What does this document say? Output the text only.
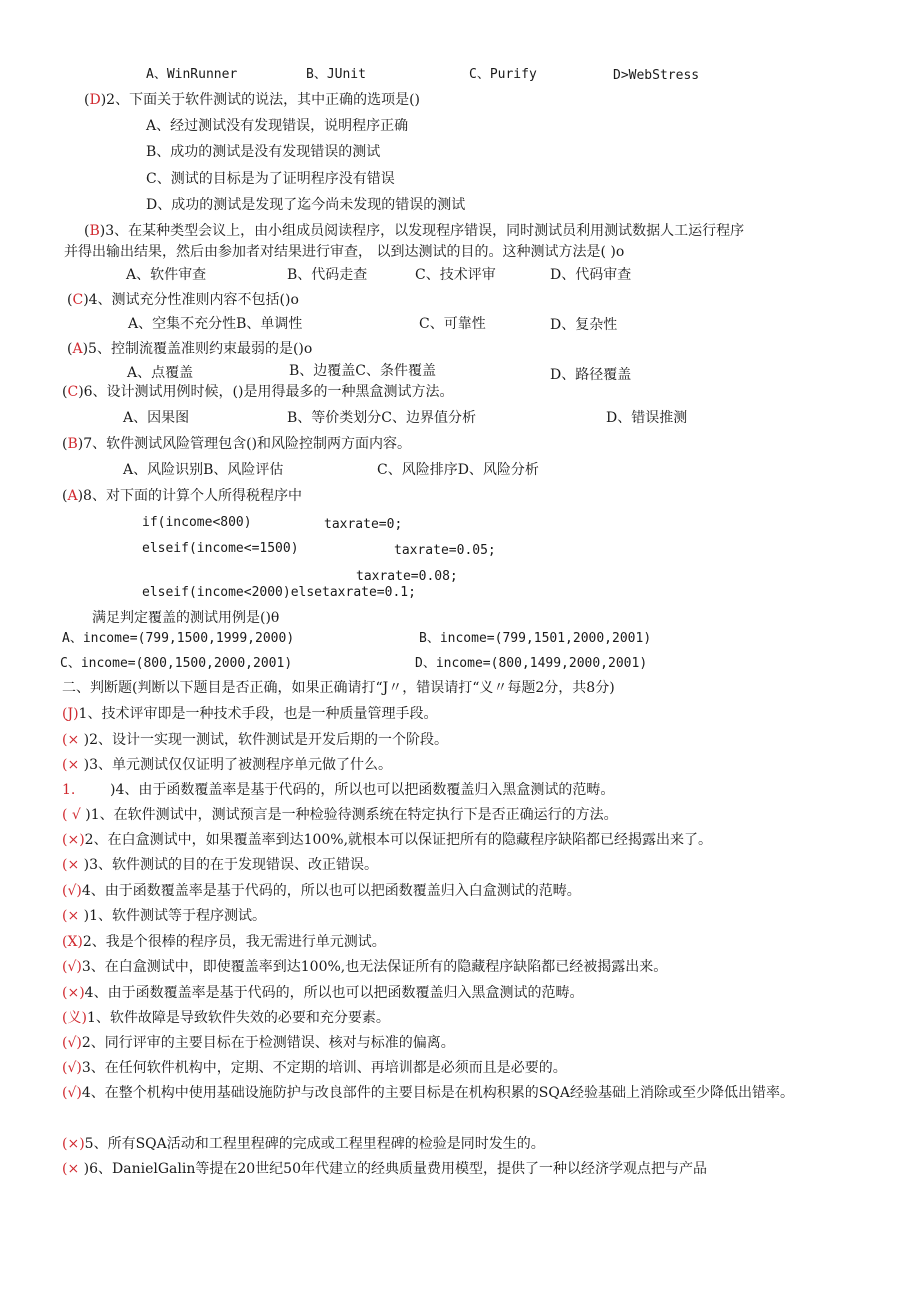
A、WinRunner	B、JUnit	C、Purify	D>WebStress
(D)2、下面关于软件测试的说法，其中正确的选项是()
A、经过测试没有发现错误，说明程序正确
B、成功的测试是没有发现错误的测试
C、测试的目标是为了证明程序没有错误
D、成功的测试是发现了迄今尚未发现的错误的测试
(B)3、在某种类型会议上，由小组成员阅读程序，以发现程序错误，同时测试员利用测试数据人工运行程序
并得出输出结果，然后由参加者对结果进行审查， 以到达测试的目的。这种测试方法是( )o
A、软件审查	B、代码走查	C、技术评审	D、代码审查
(C)4、测试充分性准则内容不包括()o
A、空集不充分性B、单调性	C、可靠性	D、复杂性
(A)5、控制流覆盖准则约束最弱的是()o
A、点覆盖	B、边覆盖C、条件覆盖	D、路径覆盖
(C)6、设计测试用例时候，()是用得最多的一种黑盒测试方法。
A、因果图	B、等价类划分C、边界值分析	D、错误推测
(B)7、软件测试风险管理包含()和风险控制两方面内容。
A、风险识别B、风险评估	C、风险排序D、风险分析
(A)8、对下面的计算个人所得税程序中
if(income<800)	taxrate=0;
elseif(income<=1500)	taxrate=0.05;
taxrate=0.08;
elseif(income<2000)elsetaxrate=0.1;
满足判定覆盖的测试用例是()θ
A、income=(799,1500,1999,2000)	B、income=(799,1501,2000,2001)
C、income=(800,1500,2000,2001)	D、income=(800,1499,2000,2001)
二、判断题(判断以下题目是否正确，如果正确请打“J〃，错误请打“义〃每题2分，共8分)
(J)1、技术评审即是一种技术手段，也是一种质量管理手段。
(× )2、设计一实现一测试，软件测试是开发后期的一个阶段。
(× )3、单元测试仅仅证明了被测程序单元做了什么。
1. )4、由于函数覆盖率是基于代码的，所以也可以把函数覆盖归入黑盒测试的范畴。
( √ )1、在软件测试中，测试预言是一种检验待测系统在特定执行下是否正确运行的方法。
(×)2、在白盒测试中，如果覆盖率到达100%,就根本可以保证把所有的隐藏程序缺陷都已经揭露出来了。
(× )3、软件测试的目的在于发现错误、改正错误。
(√)4、由于函数覆盖率是基于代码的，所以也可以把函数覆盖归入白盒测试的范畴。
(× )1、软件测试等于程序测试。
(X)2、我是个很棒的程序员，我无需进行单元测试。
(√)3、在白盒测试中，即使覆盖率到达100%,也无法保证所有的隐藏程序缺陷都已经被揭露出来。
(×)4、由于函数覆盖率是基于代码的，所以也可以把函数覆盖归入黑盒测试的范畴。
(义)1、软件故障是导致软件失效的必要和充分要素。
(√)2、同行评审的主要目标在于检测错误、核对与标准的偏离。
(√)3、在任何软件机构中，定期、不定期的培训、再培训都是必须而且是必要的。
(√)4、在整个机构中使用基础设施防护与改良部件的主要目标是在机构积累的SQA经验基础上消除或至少降低出错率。
(×)5、所有SQA活动和工程里程碑的完成或工程里程碑的检验是同时发生的。
(× )6、DanielGalin等提在20世纪50年代建立的经典质量费用模型，提供了一种以经济学观点把与产品
